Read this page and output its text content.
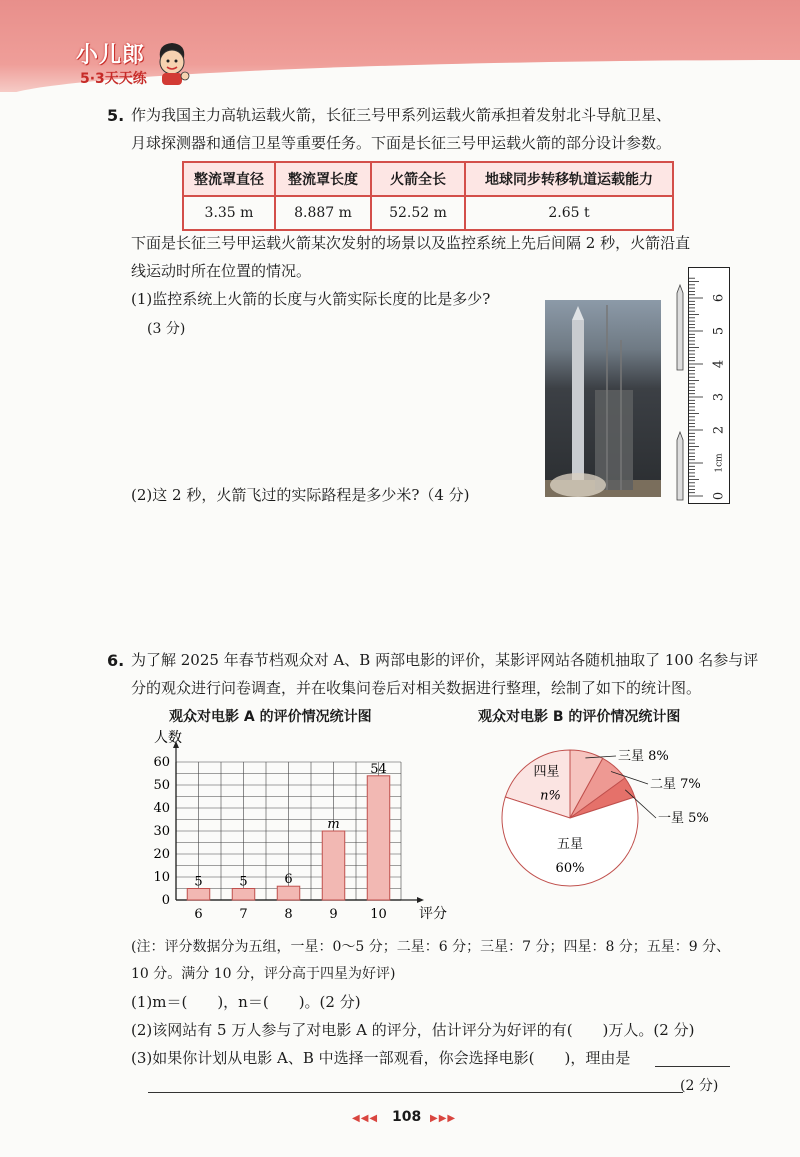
小儿郎
5·3天天练
5. 作为我国主力高轨运载火箭，长征三号甲系列运载火箭承担着发射北斗导航卫星、
月球探测器和通信卫星等重要任务。下面是长征三号甲运载火箭的部分设计参数。
整流罩直径	整流罩长度	火箭全长	地球同步转移轨道运载能力
3.35 m	8.887 m	52.52 m	2.65 t
下面是长征三号甲运载火箭某次发射的场景以及监控系统上先后间隔 2 秒，火箭沿直
线运动时所在位置的情况。
(1)监控系统上火箭的长度与火箭实际长度的比是多少?
(3 分)
(2)这 2 秒，火箭飞过的实际路程是多少米?（4 分)	0
1cm
2
3
4
5
6
6. 为了解 2025 年春节档观众对 A、B 两部电影的评价，某影评网站各随机抽取了 100 名参与评
分的观众进行问卷调查，并在收集问卷后对相关数据进行整理，绘制了如下的统计图。
观众对电影 A 的评价情况统计图	观众对电影 B 的评价情况统计图
0
10
20
30
40
50
60
人数
评分
6
5
7
5
8
6
9
m
10
54
五星
60%
四星
n%
三星 8%
二星 7%
一星 5%
(注：评分数据分为五组，一星：0～5 分；二星：6 分；三星：7 分；四星：8 分；五星：9 分、
10 分。满分 10 分，评分高于四星为好评)
(1)m＝(　　)，n＝(　　)。(2 分)
(2)该网站有 5 万人参与了对电影 A 的评分，估计评分为好评的有(　　)万人。(2 分)
(3)如果你计划从电影 A、B 中选择一部观看，你会选择电影(　　)，理由是
(2 分)
◀◀◀ 108 ▶▶▶
